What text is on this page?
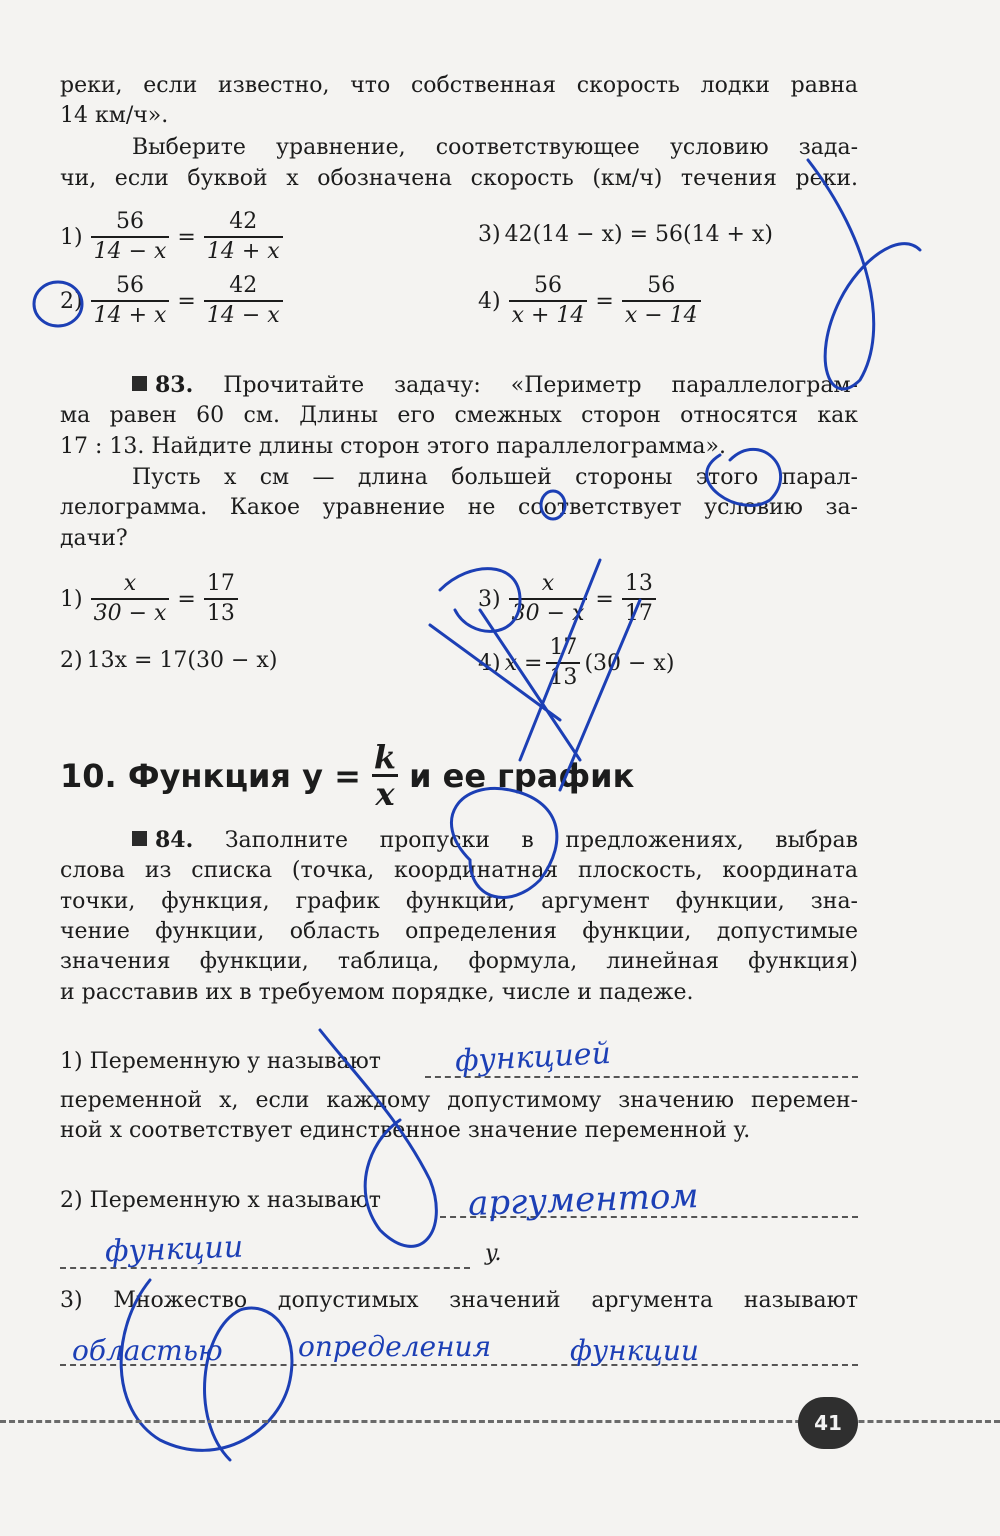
реки, если известно, что собственная скорость лодки равна
14 км/ч».
Выберите уравнение, соответствующее условию зада-
чи, если буквой x обозначена скорость (км/ч) течения реки.
$1) \frac{56}{14 - x} = \frac{42}{14 + x}$	3) 42(14 − x) = 56(14 + x)
$2) \frac{56}{14 + x} = \frac{42}{14 - x}$	$4) \frac{56}{x + 14} = \frac{56}{x - 14}$
83. Прочитайте задачу: «Периметр параллелограм-
ма равен 60 см. Длины его смежных сторон относятся как
17 : 13. Найдите длины сторон этого параллелограмма».
Пусть x см — длина большей стороны этого парал-
лелограмма. Какое уравнение не соответствует условию за-
дачи?
$1) \frac{x}{30 - x} = \frac{17}{13}$	$3) \frac{x}{30 - x} = \frac{13}{17}$
2) 13x = 17(30 − x)	4) $x = \frac{17}{13} (30 - x)$
10. Функция $y = \frac{k}{x}$ и ее график
84. Заполните пропуски в предложениях, выбрав
слова из списка (точка, координатная плоскость, координата
точки, функция, график функции, аргумент функции, зна-
чение функции, область определения функции, допустимые
значения функции, таблица, формула, линейная функция)
и расставив их в требуемом порядке, числе и падеже.
1) Переменную y называют
переменной x, если каждому допустимому значению перемен-
ной x соответствует единственное значение переменной y.
2) Переменную x называют
y.
3) Множество допустимых значений аргумента называют
функцией
аргументом
функции
областью	определения	функции
41
